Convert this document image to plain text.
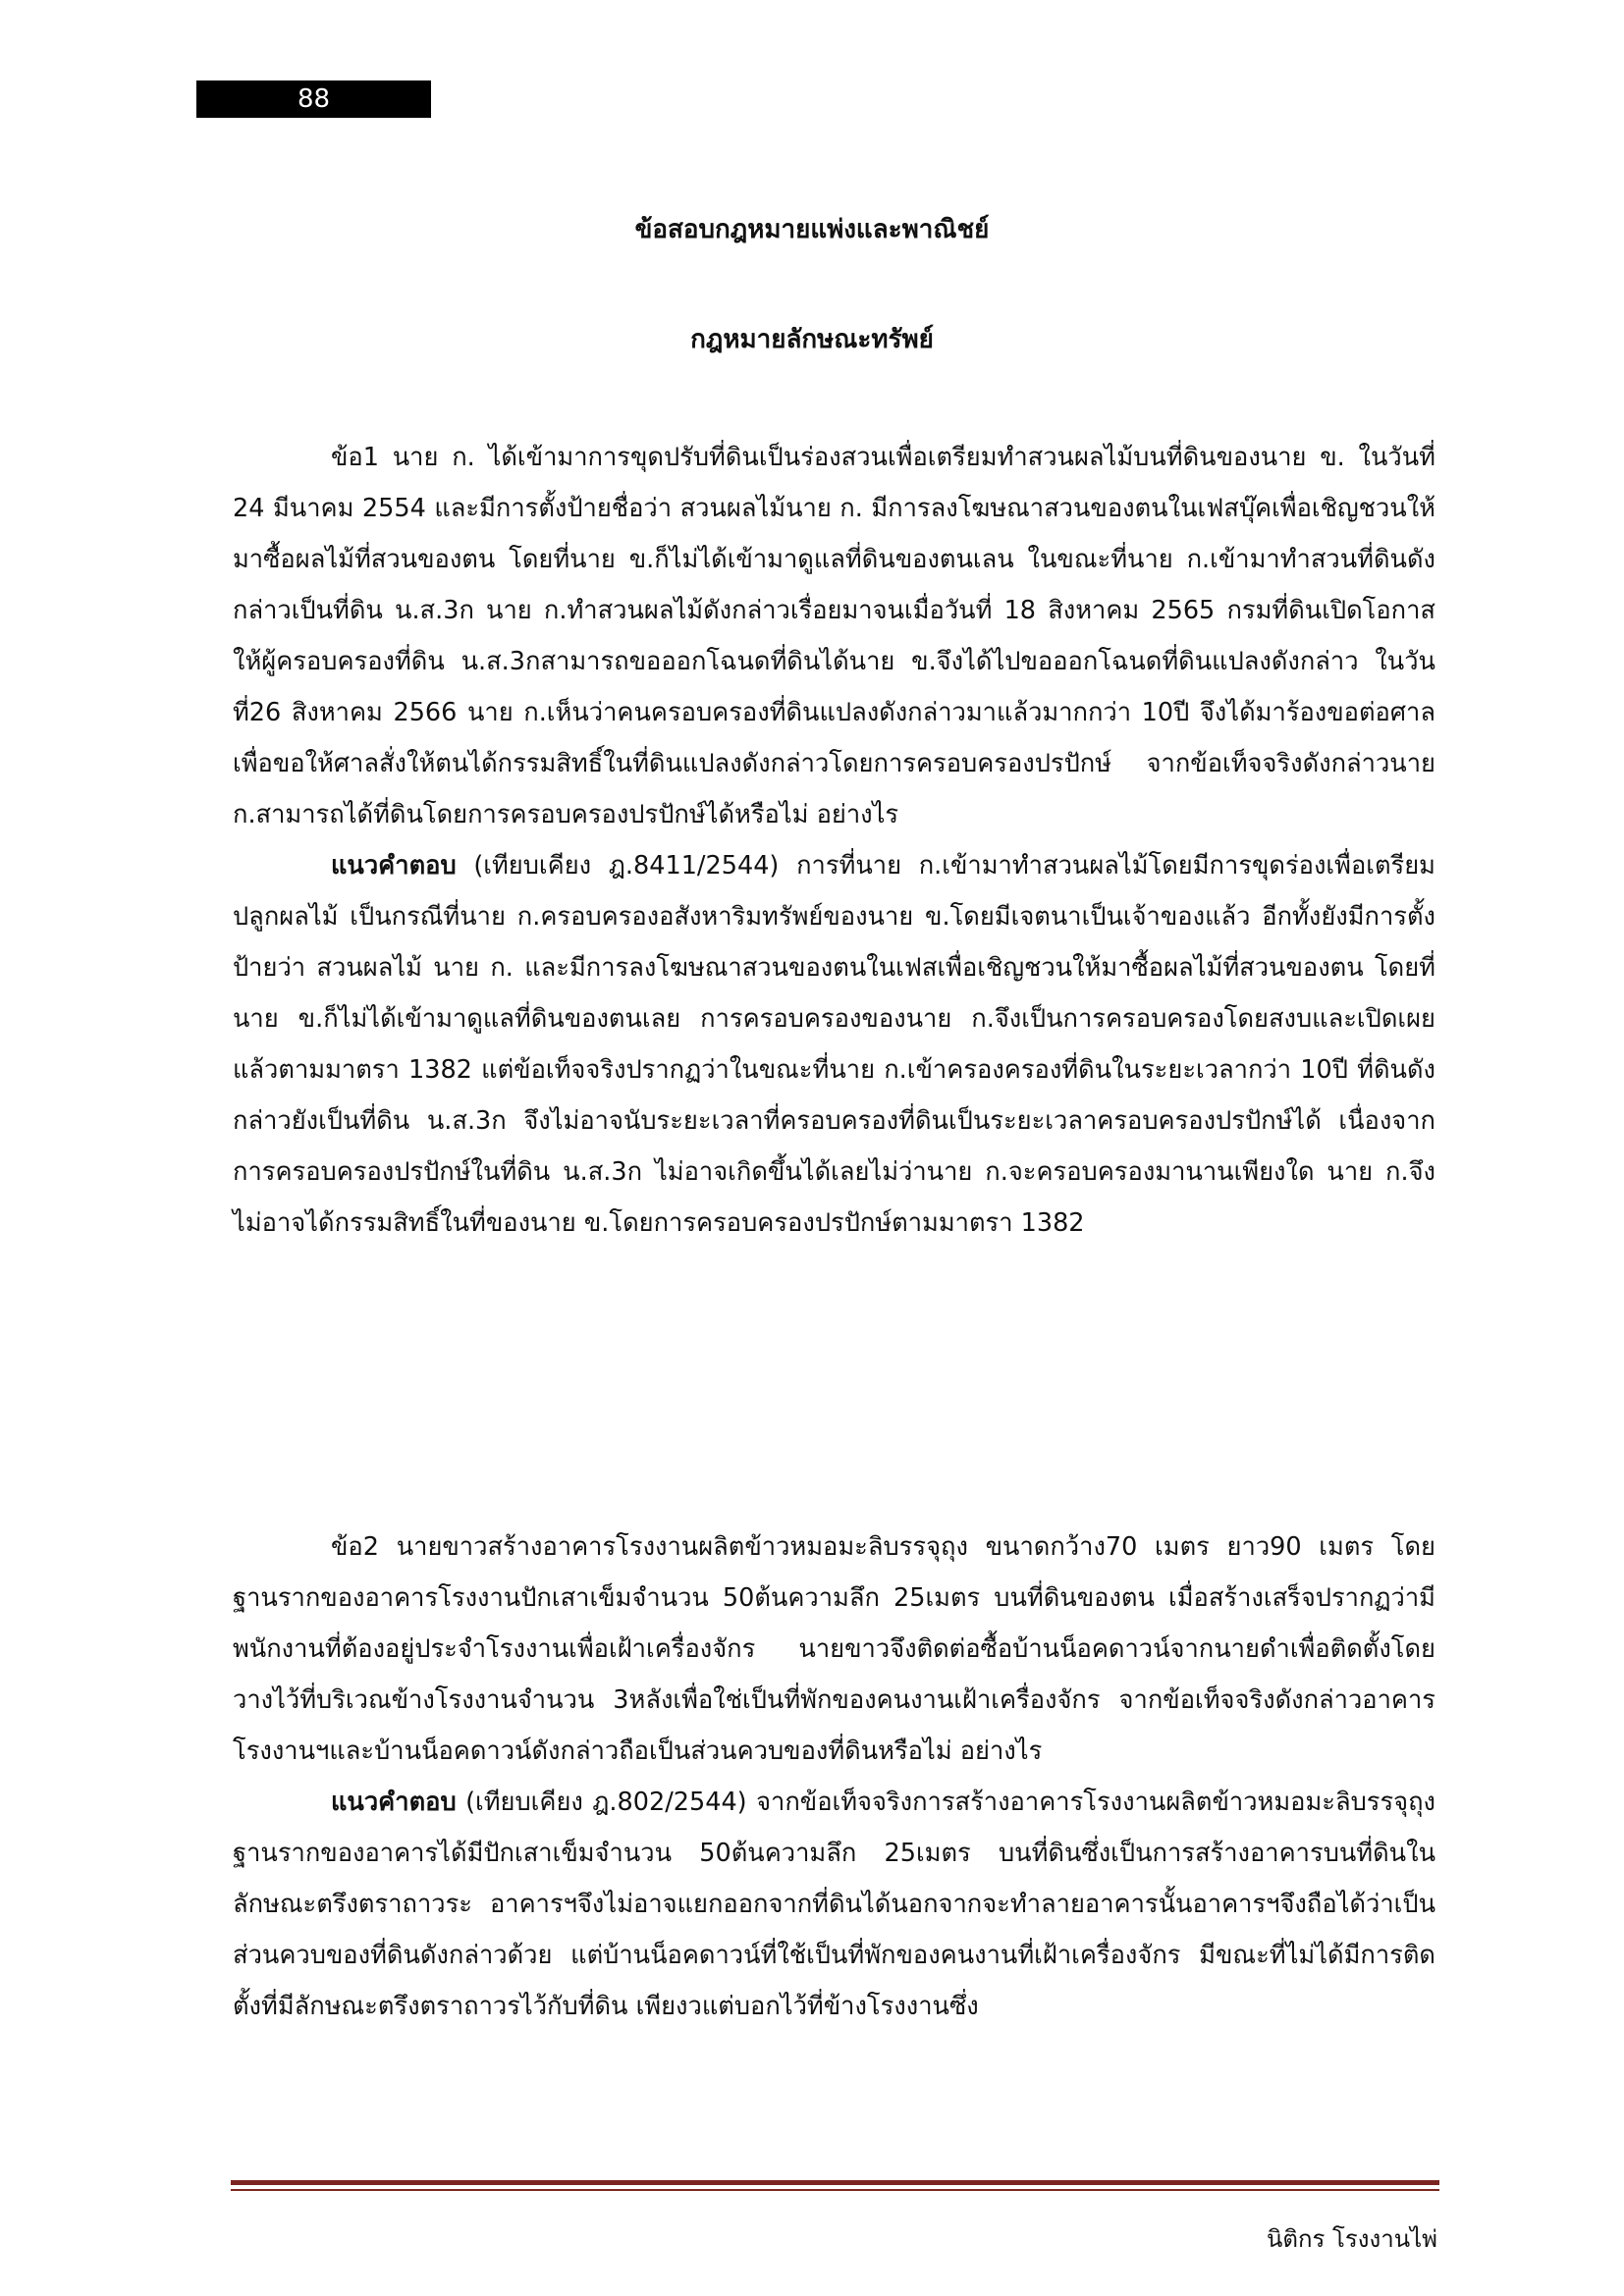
88
ข้อสอบกฎหมายแพ่งและพาณิชย์
กฎหมายลักษณะทรัพย์

ข้อ1 นาย ก. ได้เข้ามาการขุดปรับที่ดินเป็นร่องสวนเพื่อเตรียมทำสวนผลไม้บนที่ดินของนาย ข. ในวันที่ 24 มีนาคม 2554 และมีการตั้งป้ายชื่อว่า สวนผลไม้นาย ก. มีการลงโฆษณาสวนของตนในเฟสบุ๊คเพื่อเชิญชวนให้มาซื้อผลไม้ที่สวนของตน โดยที่นาย ข.ก็ไม่ได้เข้ามาดูแลที่ดินของตนเลน ในขณะที่นาย ก.เข้ามาทำสวนที่ดินดังกล่าวเป็นที่ดิน น.ส.3ก นาย ก.ทำสวนผลไม้ดังกล่าวเรื่อยมาจนเมื่อวันที่ 18 สิงหาคม 2565 กรมที่ดินเปิดโอกาสให้ผู้ครอบครองที่ดิน น.ส.3กสามารถขอออกโฉนดที่ดินได้นาย ข.จึงได้ไปขอออกโฉนดที่ดินแปลงดังกล่าว ในวันที่26 สิงหาคม 2566 นาย ก.เห็นว่าคนครอบครองที่ดินแปลงดังกล่าวมาแล้วมากกว่า 10ปี จึงได้มาร้องขอต่อศาลเพื่อขอให้ศาลสั่งให้ตนได้กรรมสิทธิ์ในที่ดินแปลงดังกล่าวโดยการครอบครองปรปักษ์ จากข้อเท็จจริงดังกล่าวนาย ก.สามารถได้ที่ดินโดยการครอบครองปรปักษ์ได้หรือไม่ อย่างไร

แนวคำตอบ (เทียบเคียง ฎ.8411/2544) การที่นาย ก.เข้ามาทำสวนผลไม้โดยมีการขุดร่องเพื่อเตรียมปลูกผลไม้ เป็นกรณีที่นาย ก.ครอบครองอสังหาริมทรัพย์ของนาย ข.โดยมีเจตนาเป็นเจ้าของแล้ว อีกทั้งยังมีการตั้งป้ายว่า สวนผลไม้ นาย ก. และมีการลงโฆษณาสวนของตนในเฟสเพื่อเชิญชวนให้มาซื้อผลไม้ที่สวนของตน โดยที่นาย ข.ก็ไม่ได้เข้ามาดูแลที่ดินของตนเลย การครอบครองของนาย ก.จึงเป็นการครอบครองโดยสงบและเปิดเผยแล้วตามมาตรา 1382 แต่ข้อเท็จจริงปรากฏว่าในขณะที่นาย ก.เข้าครองครองที่ดินในระยะเวลากว่า 10ปี ที่ดินดังกล่าวยังเป็นที่ดิน น.ส.3ก จึงไม่อาจนับระยะเวลาที่ครอบครองที่ดินเป็นระยะเวลาครอบครองปรปักษ์ได้ เนื่องจากการครอบครองปรปักษ์ในที่ดิน น.ส.3ก ไม่อาจเกิดขึ้นได้เลยไม่ว่านาย ก.จะครอบครองมานานเพียงใด นาย ก.จึงไม่อาจได้กรรมสิทธิ์ในที่ของนาย ข.โดยการครอบครองปรปักษ์ตามมาตรา 1382

ข้อ2 นายขาวสร้างอาคารโรงงานผลิตข้าวหมอมะลิบรรจุถุง ขนาดกว้าง70 เมตร ยาว90 เมตร โดยฐานรากของอาคารโรงงานปักเสาเข็มจำนวน 50ต้นความลึก 25เมตร บนที่ดินของตน เมื่อสร้างเสร็จปรากฏว่ามีพนักงานที่ต้องอยู่ประจำโรงงานเพื่อเฝ้าเครื่องจักร นายขาวจึงติดต่อซื้อบ้านน็อคดาวน์จากนายดำเพื่อติดตั้งโดยวางไว้ที่บริเวณข้างโรงงานจำนวน 3หลังเพื่อใช่เป็นที่พักของคนงานเฝ้าเครื่องจักร จากข้อเท็จจริงดังกล่าวอาคารโรงงานฯและบ้านน็อคดาวน์ดังกล่าวถือเป็นส่วนควบของที่ดินหรือไม่ อย่างไร

แนวคำตอบ (เทียบเคียง ฎ.802/2544) จากข้อเท็จจริงการสร้างอาคารโรงงานผลิตข้าวหมอมะลิบรรจุถุง ฐานรากของอาคารได้มีปักเสาเข็มจำนวน 50ต้นความลึก 25เมตร บนที่ดินซึ่งเป็นการสร้างอาคารบนที่ดินในลักษณะตรึงตราถาวระ อาคารฯจึงไม่อาจแยกออกจากที่ดินได้นอกจากจะทำลายอาคารนั้นอาคารฯจึงถือได้ว่าเป็นส่วนควบของที่ดินดังกล่าวด้วย แต่บ้านน็อคดาวน์ที่ใช้เป็นที่พักของคนงานที่เฝ้าเครื่องจักร มีขณะที่ไม่ได้มีการติดตั้งที่มีลักษณะตรึงตราถาวรไว้กับที่ดิน เพียงวแต่บอกไว้ที่ข้างโรงงานซึ่ง

นิติกร โรงงานไพ่
